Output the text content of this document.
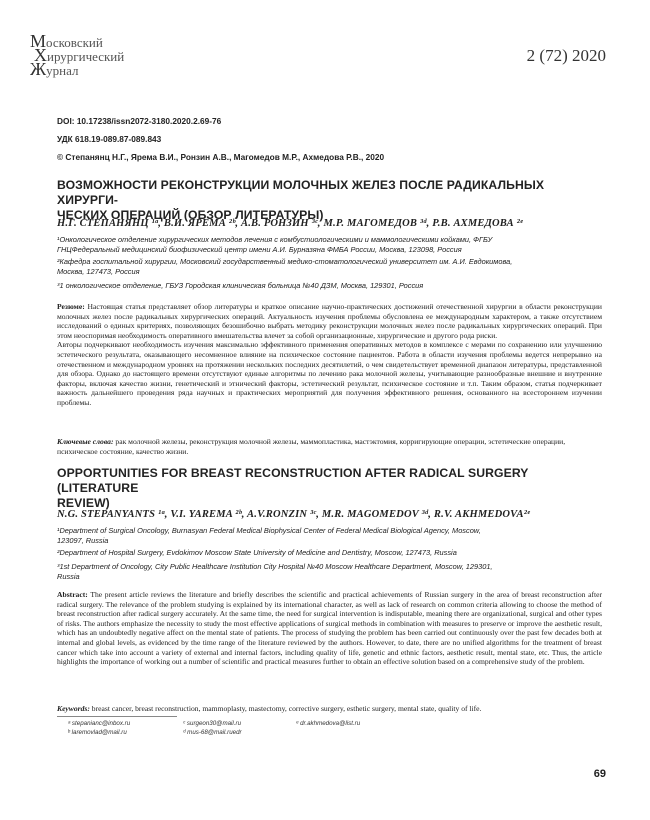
Московский
Хирургический
Журнал
2 (72) 2020
DOI: 10.17238/issn2072-3180.2020.2.69-76
УДК 618.19-089.87-089.843
© Степанянц Н.Г., Ярема В.И., Ронзин А.В., Магомедов М.Р., Ахмедова Р.В., 2020
ВОЗМОЖНОСТИ РЕКОНСТРУКЦИИ МОЛОЧНЫХ ЖЕЛЕЗ ПОСЛЕ РАДИКАЛЬНЫХ ХИРУРГИ-
ЧЕСКИХ ОПЕРАЦИЙ (ОБЗОР ЛИТЕРАТУРЫ)
Н.Г. СТЕПАНЯНЦ ¹ᵃ, В.И. ЯРЕМА ²ᵇ, А.В. РОНЗИН ³ᶜ, М.Р. МАГОМЕДОВ ³ᵈ, Р.В. АХМЕДОВА ²ᵉ
¹Онкологическое отделение хирургических методов лечения с комбустиологическими и маммологическими койками, ФГБУ
ГНЦФедеральный медицинский биофизический центр имени А.И. Бурназяна ФМБА России, Москва, 123098, Россия
²Кафедра госпитальной хирургии, Московский государственный медико-стоматологический университет им. А.И. Евдокимова,
Москва, 127473, Россия
³1 онкологическое отделение, ГБУЗ Городская клиническая больница №40 ДЗМ, Москва, 129301, Россия
Резюме: Настоящая статья представляет обзор литературы и краткое описание научно-практических достижений отечественной хирургии в области реконструкции молочных желез после радикальных хирургических операций. Актуальность изучения проблемы обусловлена ее международным характером, а также отсутствием исследований о единых критериях, позволяющих безошибочно выбрать методику реконструкции молочных желез после радикальных хирургических операций. При этом неоспоримая необходимость оперативного вмешательства влечет за собой организационные, хирургические и другого рода риски.
Авторы подчеркивают необходимость изучения максимально эффективного применения оперативных методов в комплексе с мерами по сохранению или улучшению эстетического результата, оказывающего несомненное влияние на психическое состояние пациентов. Работа в области изучения проблемы ведется непрерывно на отечественном и международном уровнях на протяжении нескольких последних десятилетий, о чем свидетельствует временной диапазон литературы, представленной для обзора. Однако до настоящего времени отсутствуют единые алгоритмы по лечению рака молочной железы, учитывающие разнообразные внешние и внутренние факторы, включая качество жизни, генетический и этнический факторы, эстетический результат, психическое состояние и т.п. Таким образом, статья подчеркивает важность дальнейшего проведения ряда научных и практических мероприятий для получения эффективного решения, основанного на всестороннем изучении проблемы.
Ключевые слова: рак молочной железы, реконструкция молочной железы, маммопластика, мастэктомия, корригирующие операции, эстетические операции, психическое состояние, качество жизни.
OPPORTUNITIES FOR BREAST RECONSTRUCTION AFTER RADICAL SURGERY (LITERATURE
REVIEW)
N.G. STEPANYANTS ¹ᵃ, V.I. YAREMA ²ᵇ, A.V.RONZIN ³ᶜ, M.R. MAGOMEDOV ³ᵈ, R.V. AKHMEDOVA²ᵉ
¹Department of Surgical Oncology, Burnasyan Federal Medical Biophysical Center of Federal Medical Biological Agency, Moscow,
123097, Russia
²Department of Hospital Surgery, Evdokimov Moscow State University of Medicine and Dentistry, Moscow, 127473, Russia
³1st Department of Oncology, City Public Healthcare Institution City Hospital №40 Moscow Healthcare Department, Moscow, 129301,
Russia
Abstract: The present article reviews the literature and briefly describes the scientific and practical achievements of Russian surgery in the area of breast reconstruction after radical surgery. The relevance of the problem studying is explained by its international character, as well as lack of research on common criteria allowing to choose the method of breast reconstruction after radical surgery accurately. At the same time, the need for surgical intervention is indisputable, meaning there are organizational, surgical and other types of risks. The authors emphasize the necessity to study the most effective applications of surgical methods in combination with measures to preserve or improve the aesthetic result, which has an undoubtedly negative affect on the mental state of patients. The process of studying the problem has been carried out continuously over the past few decades both at internal and global levels, as evidenced by the time range of the literature reviewed by the authors. However, to date, there are no unified algorithms for the treatment of breast cancer which take into account a variety of external and internal factors, including quality of life, genetic and ethnic factors, aesthetic result, mental state, etc. Thus, the article highlights the importance of working out a number of scientific and practical measures further to obtain an effective solution based on a comprehensive study of the problem.
Keywords: breast cancer, breast reconstruction, mammoplasty, mastectomy, corrective surgery, esthetic surgery, mental state, quality of life.
ᵃ stepanianc@inbox.ru
ᵇ laremovlad@mail.ru
ᶜ surgeon30@mail.ru
ᵈ mus-68@mail.ruedr
ᵉ dr.akhmedova@list.ru
69
